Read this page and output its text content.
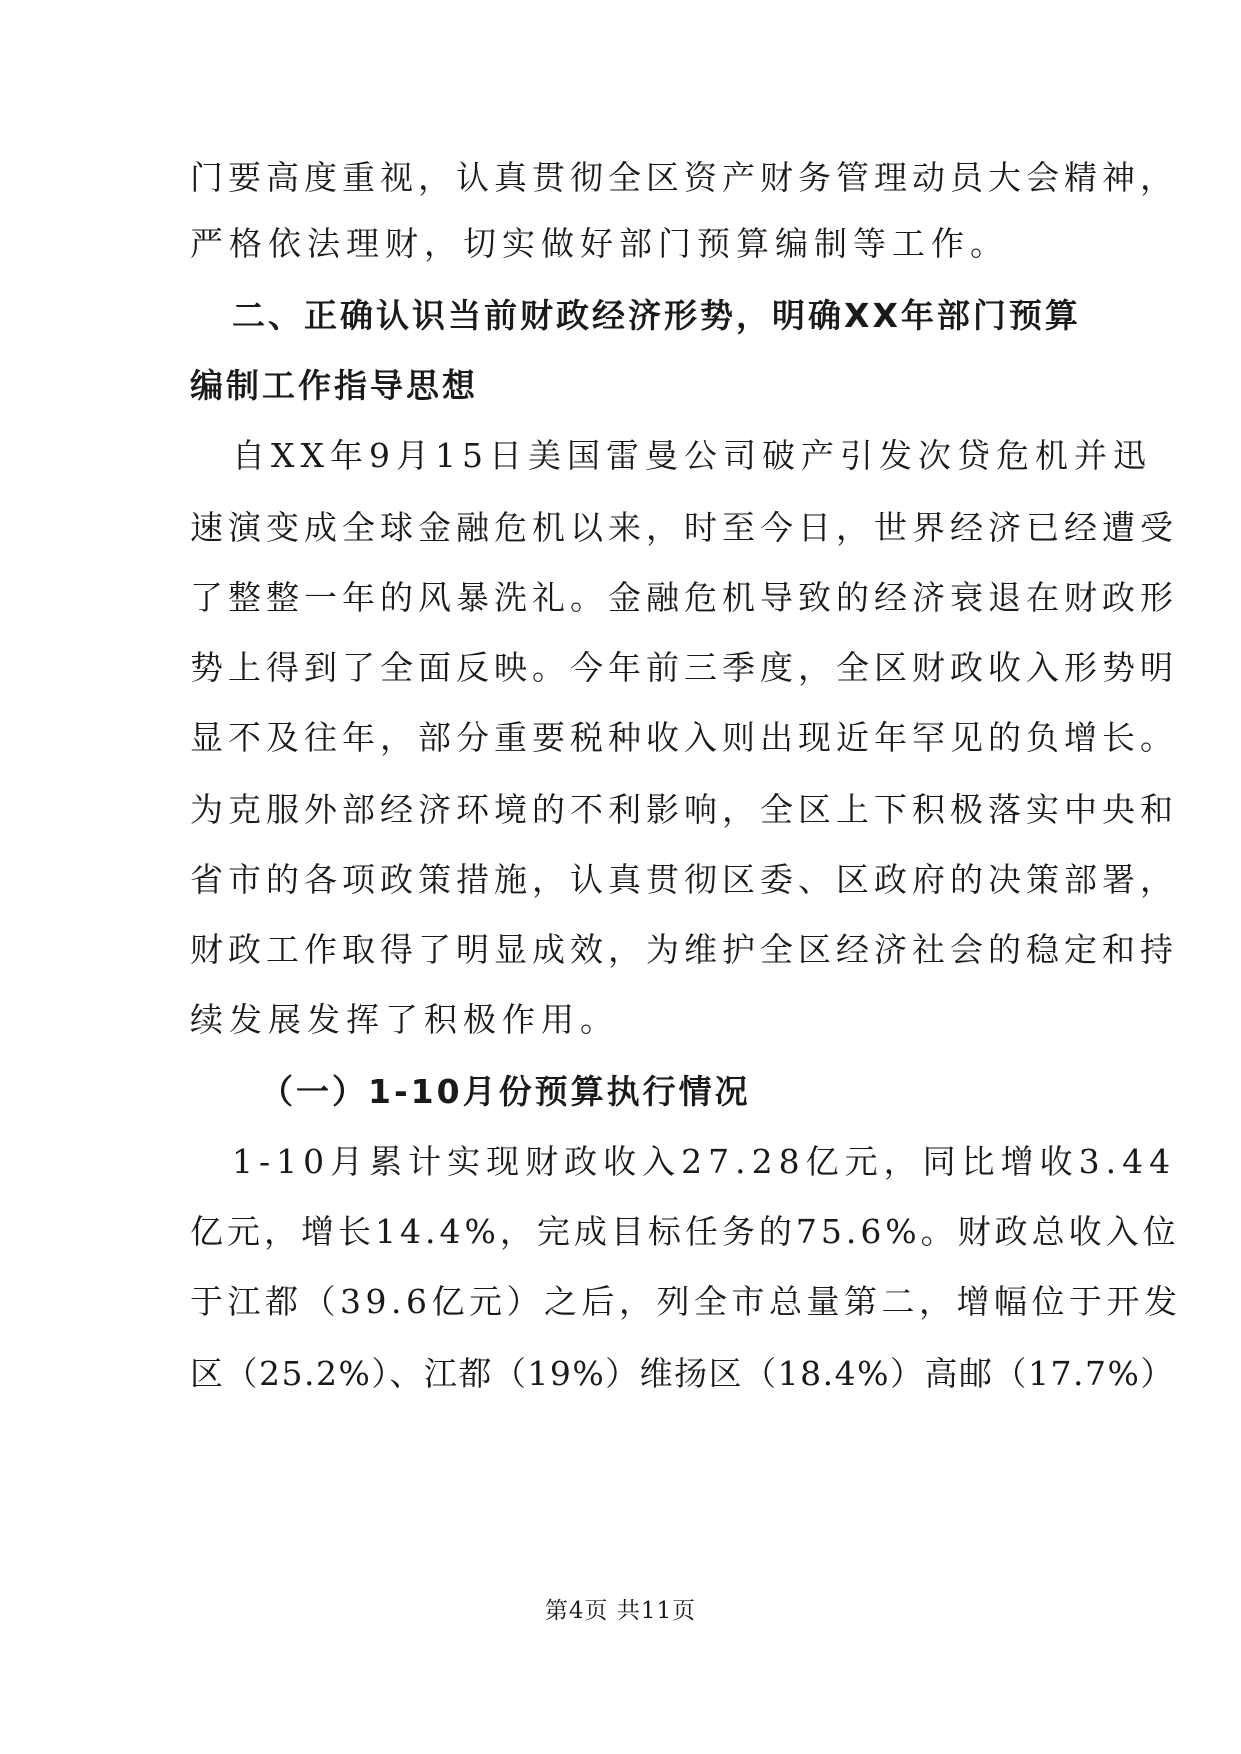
门要高度重视，认真贯彻全区资产财务管理动员大会精神，
严格依法理财，切实做好部门预算编制等工作。
二、正确认识当前财政经济形势，明确XX年部门预算
编制工作指导思想
自XX年9月15日美国雷曼公司破产引发次贷危机并迅
速演变成全球金融危机以来，时至今日，世界经济已经遭受
了整整一年的风暴洗礼。金融危机导致的经济衰退在财政形
势上得到了全面反映。今年前三季度，全区财政收入形势明
显不及往年，部分重要税种收入则出现近年罕见的负增长。
为克服外部经济环境的不利影响，全区上下积极落实中央和
省市的各项政策措施，认真贯彻区委、区政府的决策部署，
财政工作取得了明显成效，为维护全区经济社会的稳定和持
续发展发挥了积极作用。
（一）1-10月份预算执行情况
1-10月累计实现财政收入27.28亿元，同比增收3.44
亿元，增长14.4%，完成目标任务的75.6%。财政总收入位
于江都（39.6亿元）之后，列全市总量第二，增幅位于开发
区（25.2%）、江都（19%）维扬区（18.4%）高邮（17.7%）
第4页 共11页
